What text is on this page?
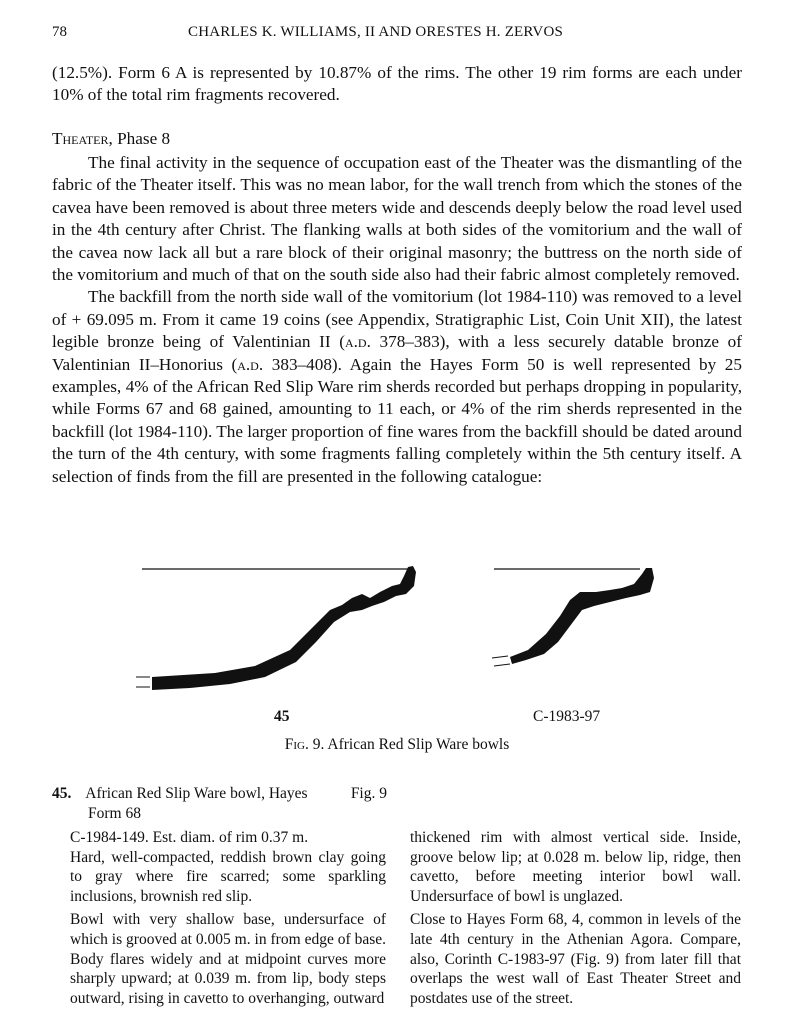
78	CHARLES K. WILLIAMS, II AND ORESTES H. ZERVOS

(12.5%). Form 6 A is represented by 10.87% of the rims. The other 19 rim forms are each under 10% of the total rim fragments recovered.

Theater, Phase 8

The final activity in the sequence of occupation east of the Theater was the dismantling of the fabric of the Theater itself. This was no mean labor, for the wall trench from which the stones of the cavea have been removed is about three meters wide and descends deeply below the road level used in the 4th century after Christ. The flanking walls at both sides of the vomitorium and the wall of the cavea now lack all but a rare block of their original masonry; the buttress on the north side of the vomitorium and much of that on the south side also had their fabric almost completely removed.

The backfill from the north side wall of the vomitorium (lot 1984-110) was removed to a level of + 69.095 m. From it came 19 coins (see Appendix, Stratigraphic List, Coin Unit XII), the latest legible bronze being of Valentinian II (a.d. 378–383), with a less securely datable bronze of Valentinian II–Honorius (a.d. 383–408). Again the Hayes Form 50 is well represented by 25 examples, 4% of the African Red Slip Ware rim sherds recorded but perhaps dropping in popularity, while Forms 67 and 68 gained, amounting to 11 each, or 4% of the rim sherds represented in the backfill (lot 1984-110). The larger proportion of fine wares from the backfill should be dated around the turn of the 4th century, with some fragments falling completely within the 5th century itself. A selection of finds from the fill are presented in the following catalogue:

45	C-1983-97
Fig. 9. African Red Slip Ware bowls
45. African Red Slip Ware bowl, Hayes	Fig. 9
Form 68

C-1984-149. Est. diam. of rim 0.37 m.

Hard, well-compacted, reddish brown clay going to gray where fire scarred; some sparkling inclusions, brownish red slip.

Bowl with very shallow base, undersurface of which is grooved at 0.005 m. in from edge of base. Body flares widely and at midpoint curves more sharply upward; at 0.039 m. from lip, body steps outward, rising in cavetto to overhanging, outward

thickened rim with almost vertical side. Inside, groove below lip; at 0.028 m. below lip, ridge, then cavetto, before meeting interior bowl wall. Undersurface of bowl is unglazed.

Close to Hayes Form 68, 4, common in levels of the late 4th century in the Athenian Agora. Compare, also, Corinth C-1983-97 (Fig. 9) from later fill that overlaps the west wall of East Theater Street and postdates use of the street.
